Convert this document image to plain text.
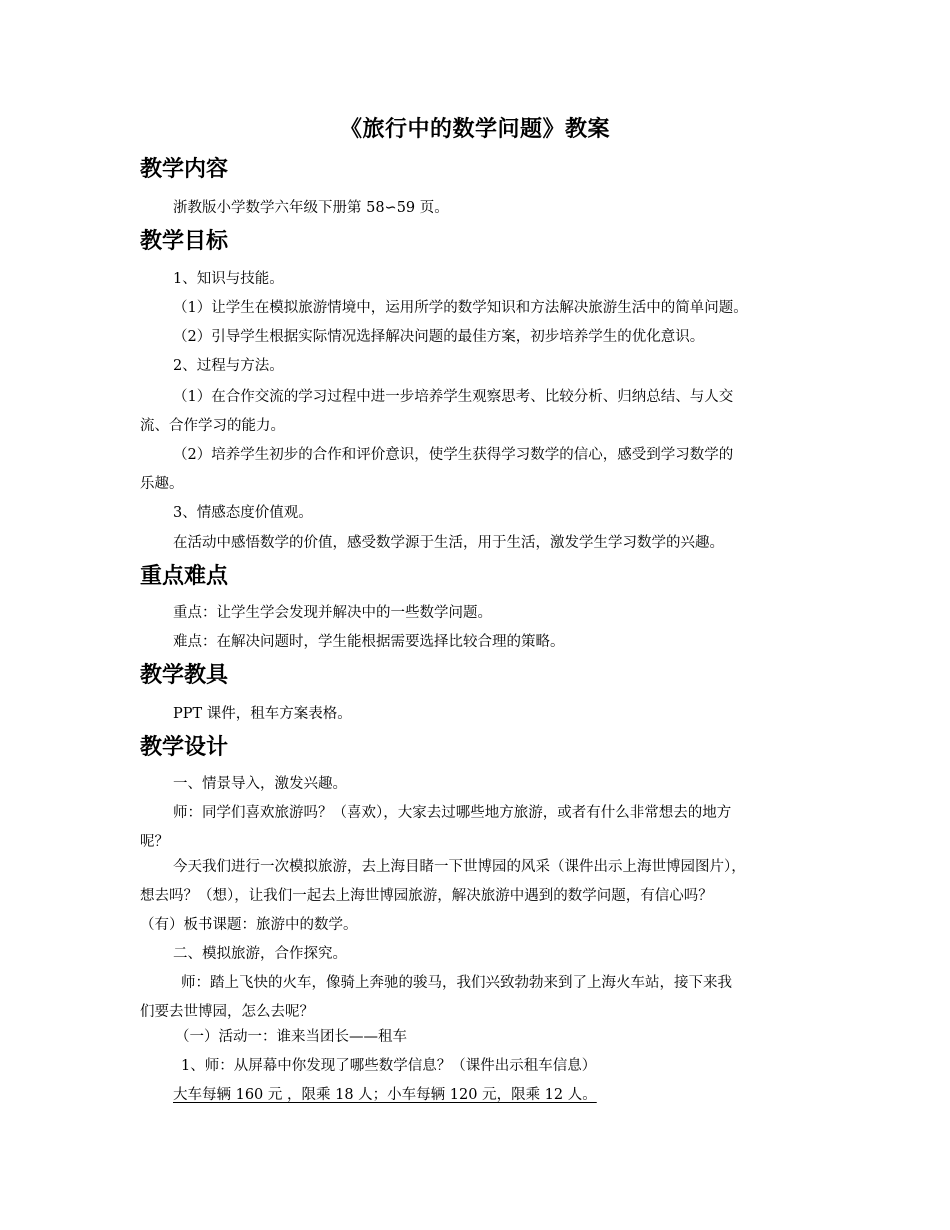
《旅行中的数学问题》教案
教学内容
浙教版小学数学六年级下册第 58∽59 页。
教学目标
1、知识与技能。
（1）让学生在模拟旅游情境中，运用所学的数学知识和方法解决旅游生活中的简单问题。
（2）引导学生根据实际情况选择解决问题的最佳方案，初步培养学生的优化意识。
2、过程与方法。
（1）在合作交流的学习过程中进一步培养学生观察思考、比较分析、归纳总结、与人交
流、合作学习的能力。
（2）培养学生初步的合作和评价意识，使学生获得学习数学的信心，感受到学习数学的
乐趣。
3、情感态度价值观。
在活动中感悟数学的价值，感受数学源于生活，用于生活，激发学生学习数学的兴趣。
重点难点
重点：让学生学会发现并解决中的一些数学问题。
难点：在解决问题时，学生能根据需要选择比较合理的策略。
教学教具
PPT 课件，租车方案表格。
教学设计
一、情景导入，激发兴趣。
师：同学们喜欢旅游吗？（喜欢），大家去过哪些地方旅游，或者有什么非常想去的地方
呢？
今天我们进行一次模拟旅游，去上海目睹一下世博园的风采（课件出示上海世博园图片），
想去吗？（想），让我们一起去上海世博园旅游，解决旅游中遇到的数学问题，有信心吗？
（有）板书课题：旅游中的数学。
二、模拟旅游，合作探究。
师：踏上飞快的火车，像骑上奔驰的骏马，我们兴致勃勃来到了上海火车站，接下来我
们要去世博园，怎么去呢？
（一）活动一：谁来当团长——租车
1、师：从屏幕中你发现了哪些数学信息？（课件出示租车信息）
大车每辆 160 元 ，限乘 18 人；小车每辆 120 元，限乘 12 人。
